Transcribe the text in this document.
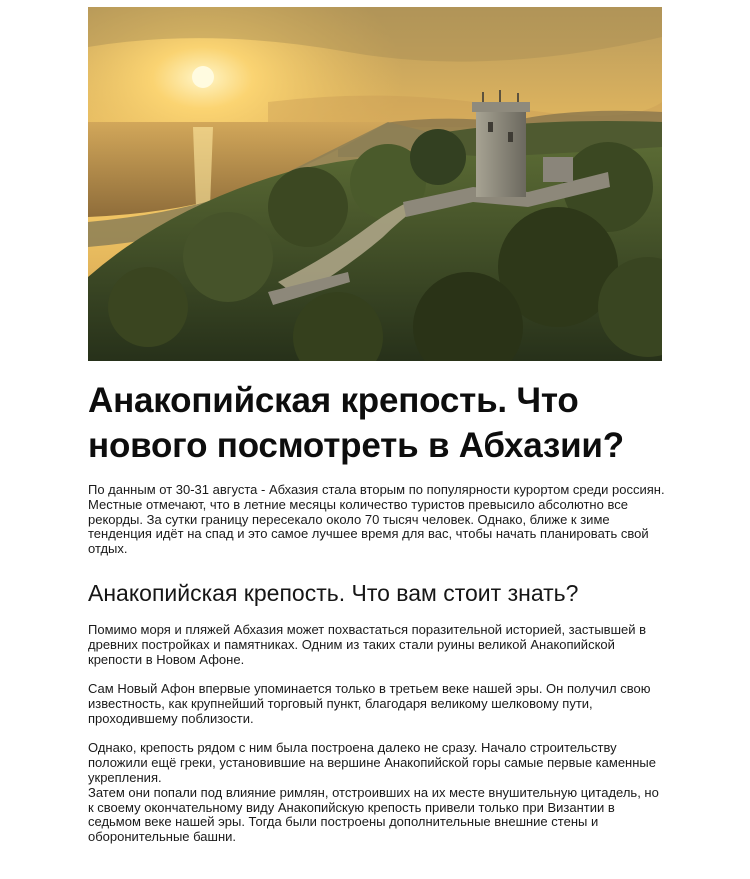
Анакопийская крепость. Что нового посмотреть в Абхазии?

По данным от 30-31 августа - Абхазия стала вторым по популярности курортом среди россиян.

Местные отмечают, что в летние месяцы количество туристов превысило абсолютно все рекорды. За сутки границу пересекало около 70 тысяч человек. Однако, ближе к зиме тенденция идёт на спад и это самое лучшее время для вас, чтобы начать планировать свой отдых.

Анакопийская крепость. Что вам стоит знать?

Помимо моря и пляжей Абхазия может похвастаться поразительной историей, застывшей в древних постройках и памятниках. Одним из таких стали руины великой Анакопийской крепости в Новом Афоне.

Сам Новый Афон впервые упоминается только в третьем веке нашей эры. Он получил свою известность, как крупнейший торговый пункт, благодаря великому шелковому пути, проходившему поблизости.

Однако, крепость рядом с ним была построена далеко не сразу. Начало строительству положили ещё греки, установившие на вершине Анакопийской горы самые первые каменные укрепления.

Затем они попали под влияние римлян, отстроивших на их месте внушительную цитадель, но к своему окончательному виду Анакопийскую крепость привели только при Византии в седьмом веке нашей эры. Тогда были построены дополнительные внешние стены и оборонительные башни.
